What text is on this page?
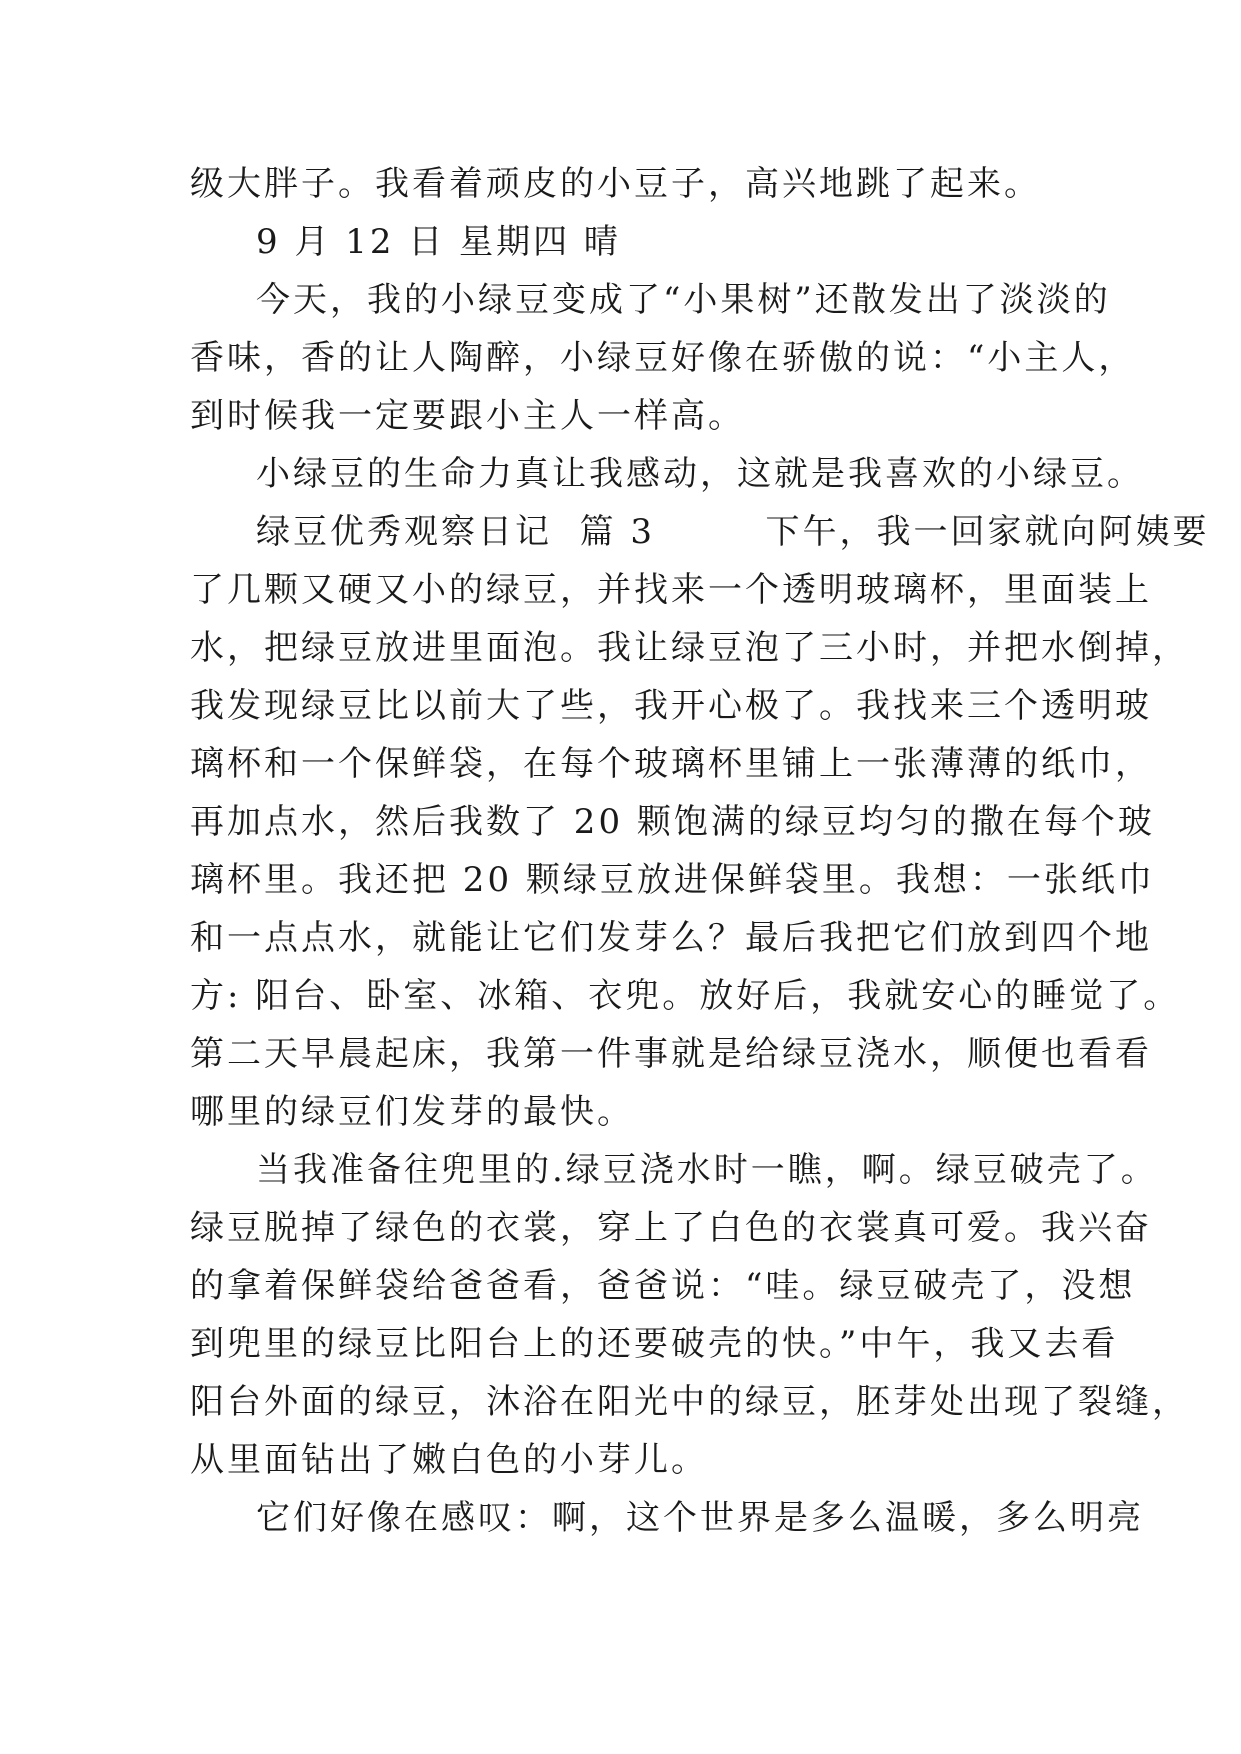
级大胖子。我看着顽皮的小豆子，高兴地跳了起来。
9 月 12 日 星期四 晴
今天，我的小绿豆变成了“小果树”还散发出了淡淡的
香味，香的让人陶醉，小绿豆好像在骄傲的说：“小主人，
到时候我一定要跟小主人一样高。
小绿豆的生命力真让我感动，这就是我喜欢的小绿豆。
绿豆优秀观察日记  篇 3        下午，我一回家就向阿姨要
了几颗又硬又小的绿豆，并找来一个透明玻璃杯，里面装上
水，把绿豆放进里面泡。我让绿豆泡了三小时，并把水倒掉，
我发现绿豆比以前大了些，我开心极了。我找来三个透明玻
璃杯和一个保鲜袋，在每个玻璃杯里铺上一张薄薄的纸巾，
再加点水，然后我数了 20 颗饱满的绿豆均匀的撒在每个玻
璃杯里。我还把 20 颗绿豆放进保鲜袋里。我想：一张纸巾
和一点点水，就能让它们发芽么？最后我把它们放到四个地
方: 阳台、卧室、冰箱、衣兜。放好后，我就安心的睡觉了。
第二天早晨起床，我第一件事就是给绿豆浇水，顺便也看看
哪里的绿豆们发芽的最快。
当我准备往兜里的.绿豆浇水时一瞧，啊。绿豆破壳了。
绿豆脱掉了绿色的衣裳，穿上了白色的衣裳真可爱。我兴奋
的拿着保鲜袋给爸爸看，爸爸说：“哇。绿豆破壳了，没想
到兜里的绿豆比阳台上的还要破壳的快。”中午，我又去看
阳台外面的绿豆，沐浴在阳光中的绿豆，胚芽处出现了裂缝，
从里面钻出了嫩白色的小芽儿。
它们好像在感叹：啊，这个世界是多么温暖，多么明亮
